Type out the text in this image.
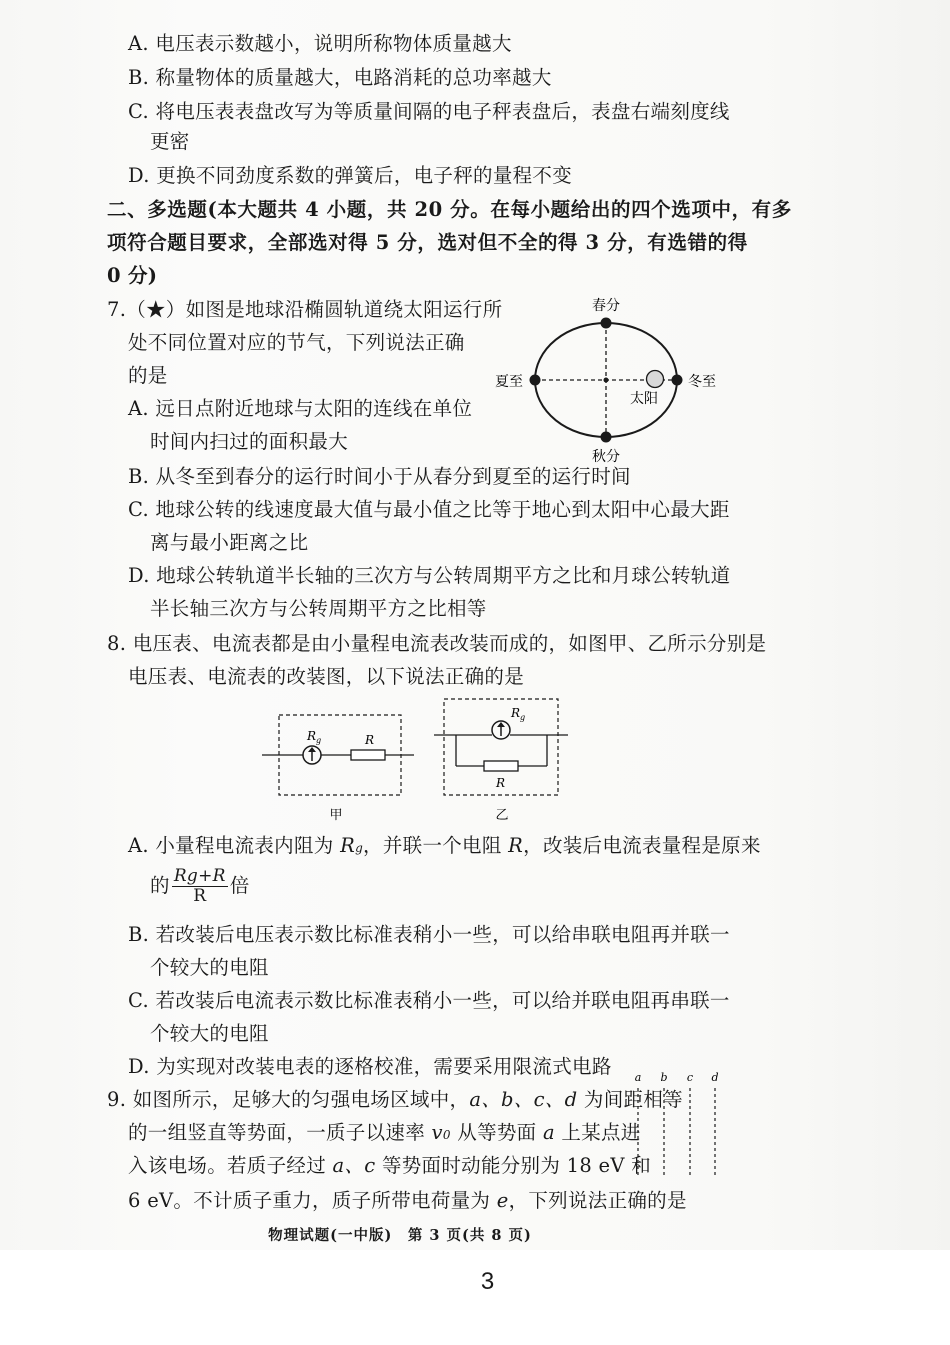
A. 电压表示数越小，说明所称物体质量越大
B. 称量物体的质量越大，电路消耗的总功率越大
C. 将电压表表盘改写为等质量间隔的电子秤表盘后，表盘右端刻度线
更密
D. 更换不同劲度系数的弹簧后，电子秤的量程不变
二、多选题(本大题共 4 小题，共 20 分。在每小题给出的四个选项中，有多
项符合题目要求，全部选对得 5 分，选对但不全的得 3 分，有选错的得
0 分)
7.（★）如图是地球沿椭圆轨道绕太阳运行所
处不同位置对应的节气，下列说法正确
的是
A. 远日点附近地球与太阳的连线在单位
时间内扫过的面积最大
春分
夏至	冬至
秋分
太阳
B. 从冬至到春分的运行时间小于从春分到夏至的运行时间
C. 地球公转的线速度最大值与最小值之比等于地心到太阳中心最大距
离与最小距离之比
D. 地球公转轨道半长轴的三次方与公转周期平方之比和月球公转轨道
半长轴三次方与公转周期平方之比相等
8. 电压表、电流表都是由小量程电流表改装而成的，如图甲、乙所示分别是
电压表、电流表的改装图，以下说法正确的是
$R_g$	R
甲
$R_g$
R
乙
A. 小量程电流表内阻为 Rg，并联一个电阻 R，改装后电流表量程是原来
的 $\frac{Rg+R}{R}$ 倍
B. 若改装后电压表示数比标准表稍小一些，可以给串联电阻再并联一
个较大的电阻
C. 若改装后电流表示数比标准表稍小一些，可以给并联电阻再串联一
个较大的电阻
D. 为实现对改装电表的逐格校准，需要采用限流式电路 a b c d
9. 如图所示，足够大的匀强电场区域中，a、b、c、d 为间距相等
的一组竖直等势面，一质子以速率 v0 从等势面 a 上某点进
入该电场。若质子经过 a、c 等势面时动能分别为 18 eV 和
6 eV。不计质子重力，质子所带电荷量为 e，下列说法正确的是
物理试题(一中版)　第 3 页(共 8 页)
3
